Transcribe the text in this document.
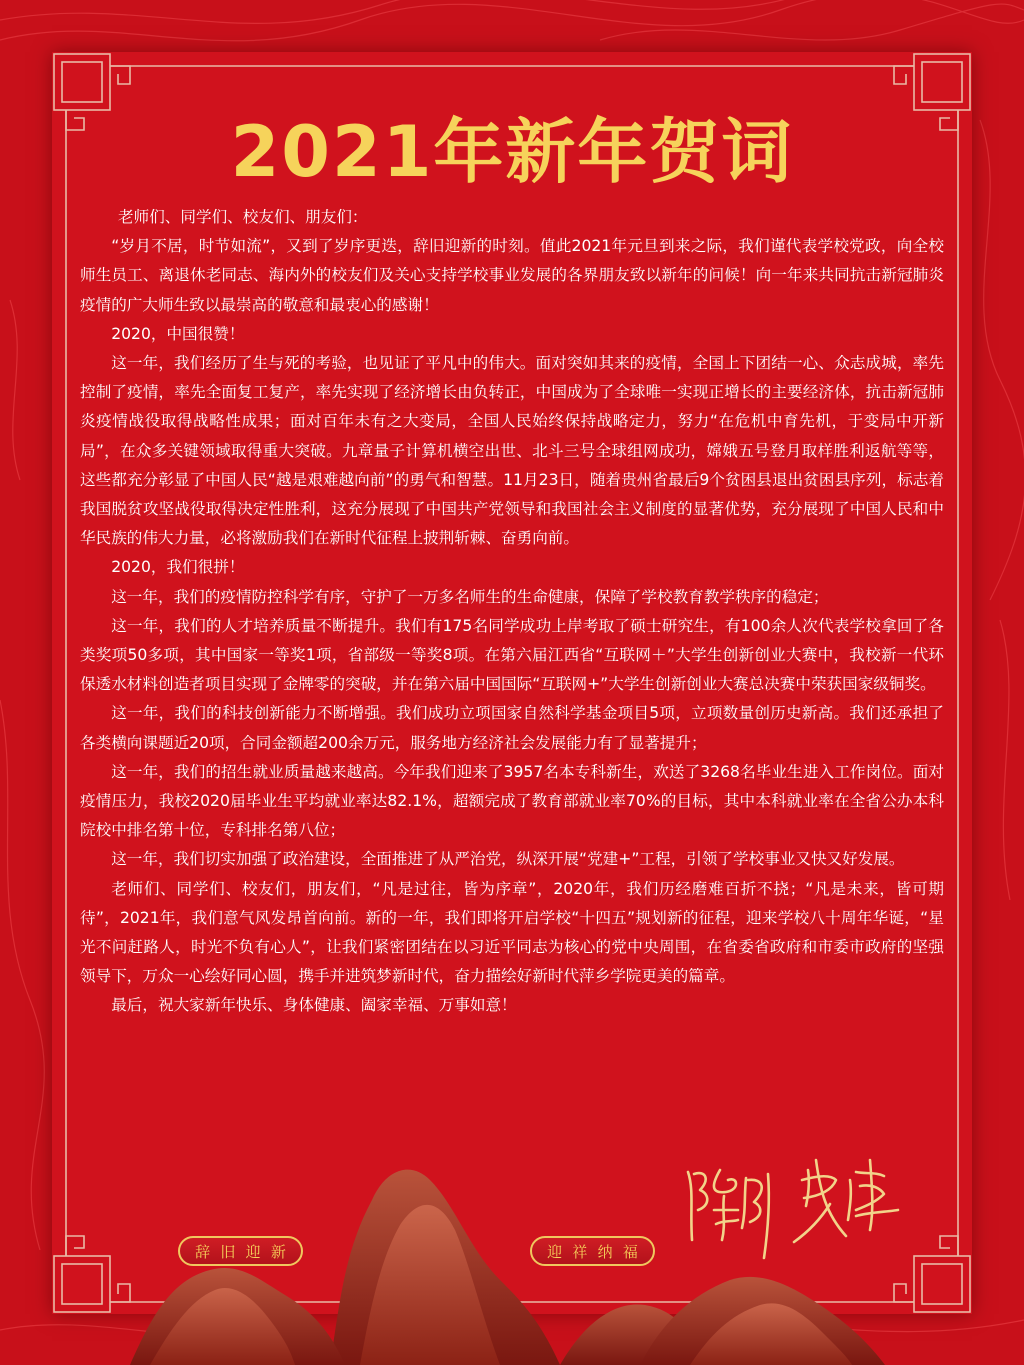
2021年新年贺词

老师们、同学们、校友们、朋友们：

“岁月不居，时节如流”，又到了岁序更迭，辞旧迎新的时刻。值此2021年元旦到来之际，我们谨代表学校党政，向全校师生员工、离退休老同志、海内外的校友们及关心支持学校事业发展的各界朋友致以新年的问候！向一年来共同抗击新冠肺炎疫情的广大师生致以最崇高的敬意和最衷心的感谢！

2020，中国很赞！

这一年，我们经历了生与死的考验，也见证了平凡中的伟大。面对突如其来的疫情，全国上下团结一心、众志成城，率先控制了疫情，率先全面复工复产，率先实现了经济增长由负转正，中国成为了全球唯一实现正增长的主要经济体，抗击新冠肺炎疫情战役取得战略性成果；面对百年未有之大变局，全国人民始终保持战略定力，努力“在危机中育先机，于变局中开新局”，在众多关键领域取得重大突破。九章量子计算机横空出世、北斗三号全球组网成功，嫦娥五号登月取样胜利返航等等，这些都充分彰显了中国人民“越是艰难越向前”的勇气和智慧。11月23日，随着贵州省最后9个贫困县退出贫困县序列，标志着我国脱贫攻坚战役取得决定性胜利，这充分展现了中国共产党领导和我国社会主义制度的显著优势，充分展现了中国人民和中华民族的伟大力量，必将激励我们在新时代征程上披荆斩棘、奋勇向前。

2020，我们很拼！

这一年，我们的疫情防控科学有序，守护了一万多名师生的生命健康，保障了学校教育教学秩序的稳定；

这一年，我们的人才培养质量不断提升。我们有175名同学成功上岸考取了硕士研究生，有100余人次代表学校拿回了各类奖项50多项，其中国家一等奖1项，省部级一等奖8项。在第六届江西省“互联网＋”大学生创新创业大赛中，我校新一代环保透水材料创造者项目实现了金牌零的突破，并在第六届中国国际“互联网+”大学生创新创业大赛总决赛中荣获国家级铜奖。

这一年，我们的科技创新能力不断增强。我们成功立项国家自然科学基金项目5项，立项数量创历史新高。我们还承担了各类横向课题近20项，合同金额超200余万元，服务地方经济社会发展能力有了显著提升；

这一年，我们的招生就业质量越来越高。今年我们迎来了3957名本专科新生，欢送了3268名毕业生进入工作岗位。面对疫情压力，我校2020届毕业生平均就业率达82.1%，超额完成了教育部就业率70%的目标，其中本科就业率在全省公办本科院校中排名第十位，专科排名第八位；

这一年，我们切实加强了政治建设，全面推进了从严治党，纵深开展“党建+”工程，引领了学校事业又快又好发展。

老师们、同学们、校友们，朋友们，“凡是过往，皆为序章”，2020年，我们历经磨难百折不挠；“凡是未来，皆可期待”，2021年，我们意气风发昂首向前。新的一年，我们即将开启学校“十四五”规划新的征程，迎来学校八十周年华诞，“星光不问赶路人，时光不负有心人”，让我们紧密团结在以习近平同志为核心的党中央周围，在省委省政府和市委市政府的坚强领导下，万众一心绘好同心圆，携手并进筑梦新时代，奋力描绘好新时代萍乡学院更美的篇章。

最后，祝大家新年快乐、身体健康、阖家幸福、万事如意！

辞 旧 迎 新	迎 祥 纳 福
